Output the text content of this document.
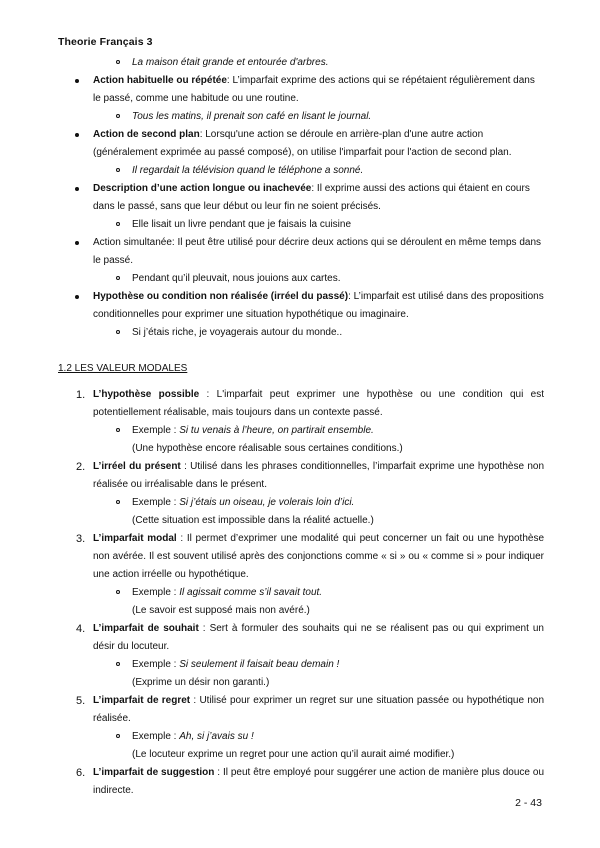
Theorie Français 3
La maison était grande et entourée d'arbres.
Action habituelle ou répétée: L’imparfait exprime des actions qui se répétaient régulièrement dans le passé, comme une habitude ou une routine.
Tous les matins, il prenait son café en lisant le journal.
Action de second plan: Lorsqu'une action se déroule en arrière-plan d'une autre action (généralement exprimée au passé composé), on utilise l'imparfait pour l'action de second plan.
Il regardait la télévision quand le téléphone a sonné.
Description d’une action longue ou inachevée: Il exprime aussi des actions qui étaient en cours dans le passé, sans que leur début ou leur fin ne soient précisés.
Elle lisait un livre pendant que je faisais la cuisine
Action simultanée: Il peut être utilisé pour décrire deux actions qui se déroulent en même temps dans le passé.
Pendant qu’il pleuvait, nous jouions aux cartes.
Hypothèse ou condition non réalisée (irréel du passé): L’imparfait est utilisé dans des propositions conditionnelles pour exprimer une situation hypothétique ou imaginaire.
Si j’étais riche, je voyagerais autour du monde..
1.2 LES VALEUR MODALES
1. L’hypothèse possible : L'imparfait peut exprimer une hypothèse ou une condition qui est potentiellement réalisable, mais toujours dans un contexte passé.
Exemple : Si tu venais à l’heure, on partirait ensemble.
(Une hypothèse encore réalisable sous certaines conditions.)
2. L’irréel du présent : Utilisé dans les phrases conditionnelles, l’imparfait exprime une hypothèse non réalisée ou irréalisable dans le présent.
Exemple : Si j’étais un oiseau, je volerais loin d’ici.
(Cette situation est impossible dans la réalité actuelle.)
3. L’imparfait modal : Il permet d’exprimer une modalité qui peut concerner un fait ou une hypothèse non avérée. Il est souvent utilisé après des conjonctions comme « si » ou « comme si » pour indiquer une action irréelle ou hypothétique.
Exemple : Il agissait comme s’il savait tout.
(Le savoir est supposé mais non avéré.)
4. L’imparfait de souhait : Sert à formuler des souhaits qui ne se réalisent pas ou qui expriment un désir du locuteur.
Exemple : Si seulement il faisait beau demain !
(Exprime un désir non garanti.)
5. L’imparfait de regret : Utilisé pour exprimer un regret sur une situation passée ou hypothétique non réalisée.
Exemple : Ah, si j’avais su !
(Le locuteur exprime un regret pour une action qu’il aurait aimé modifier.)
6. L’imparfait de suggestion : Il peut être employé pour suggérer une action de manière plus douce ou indirecte.
2 - 43
